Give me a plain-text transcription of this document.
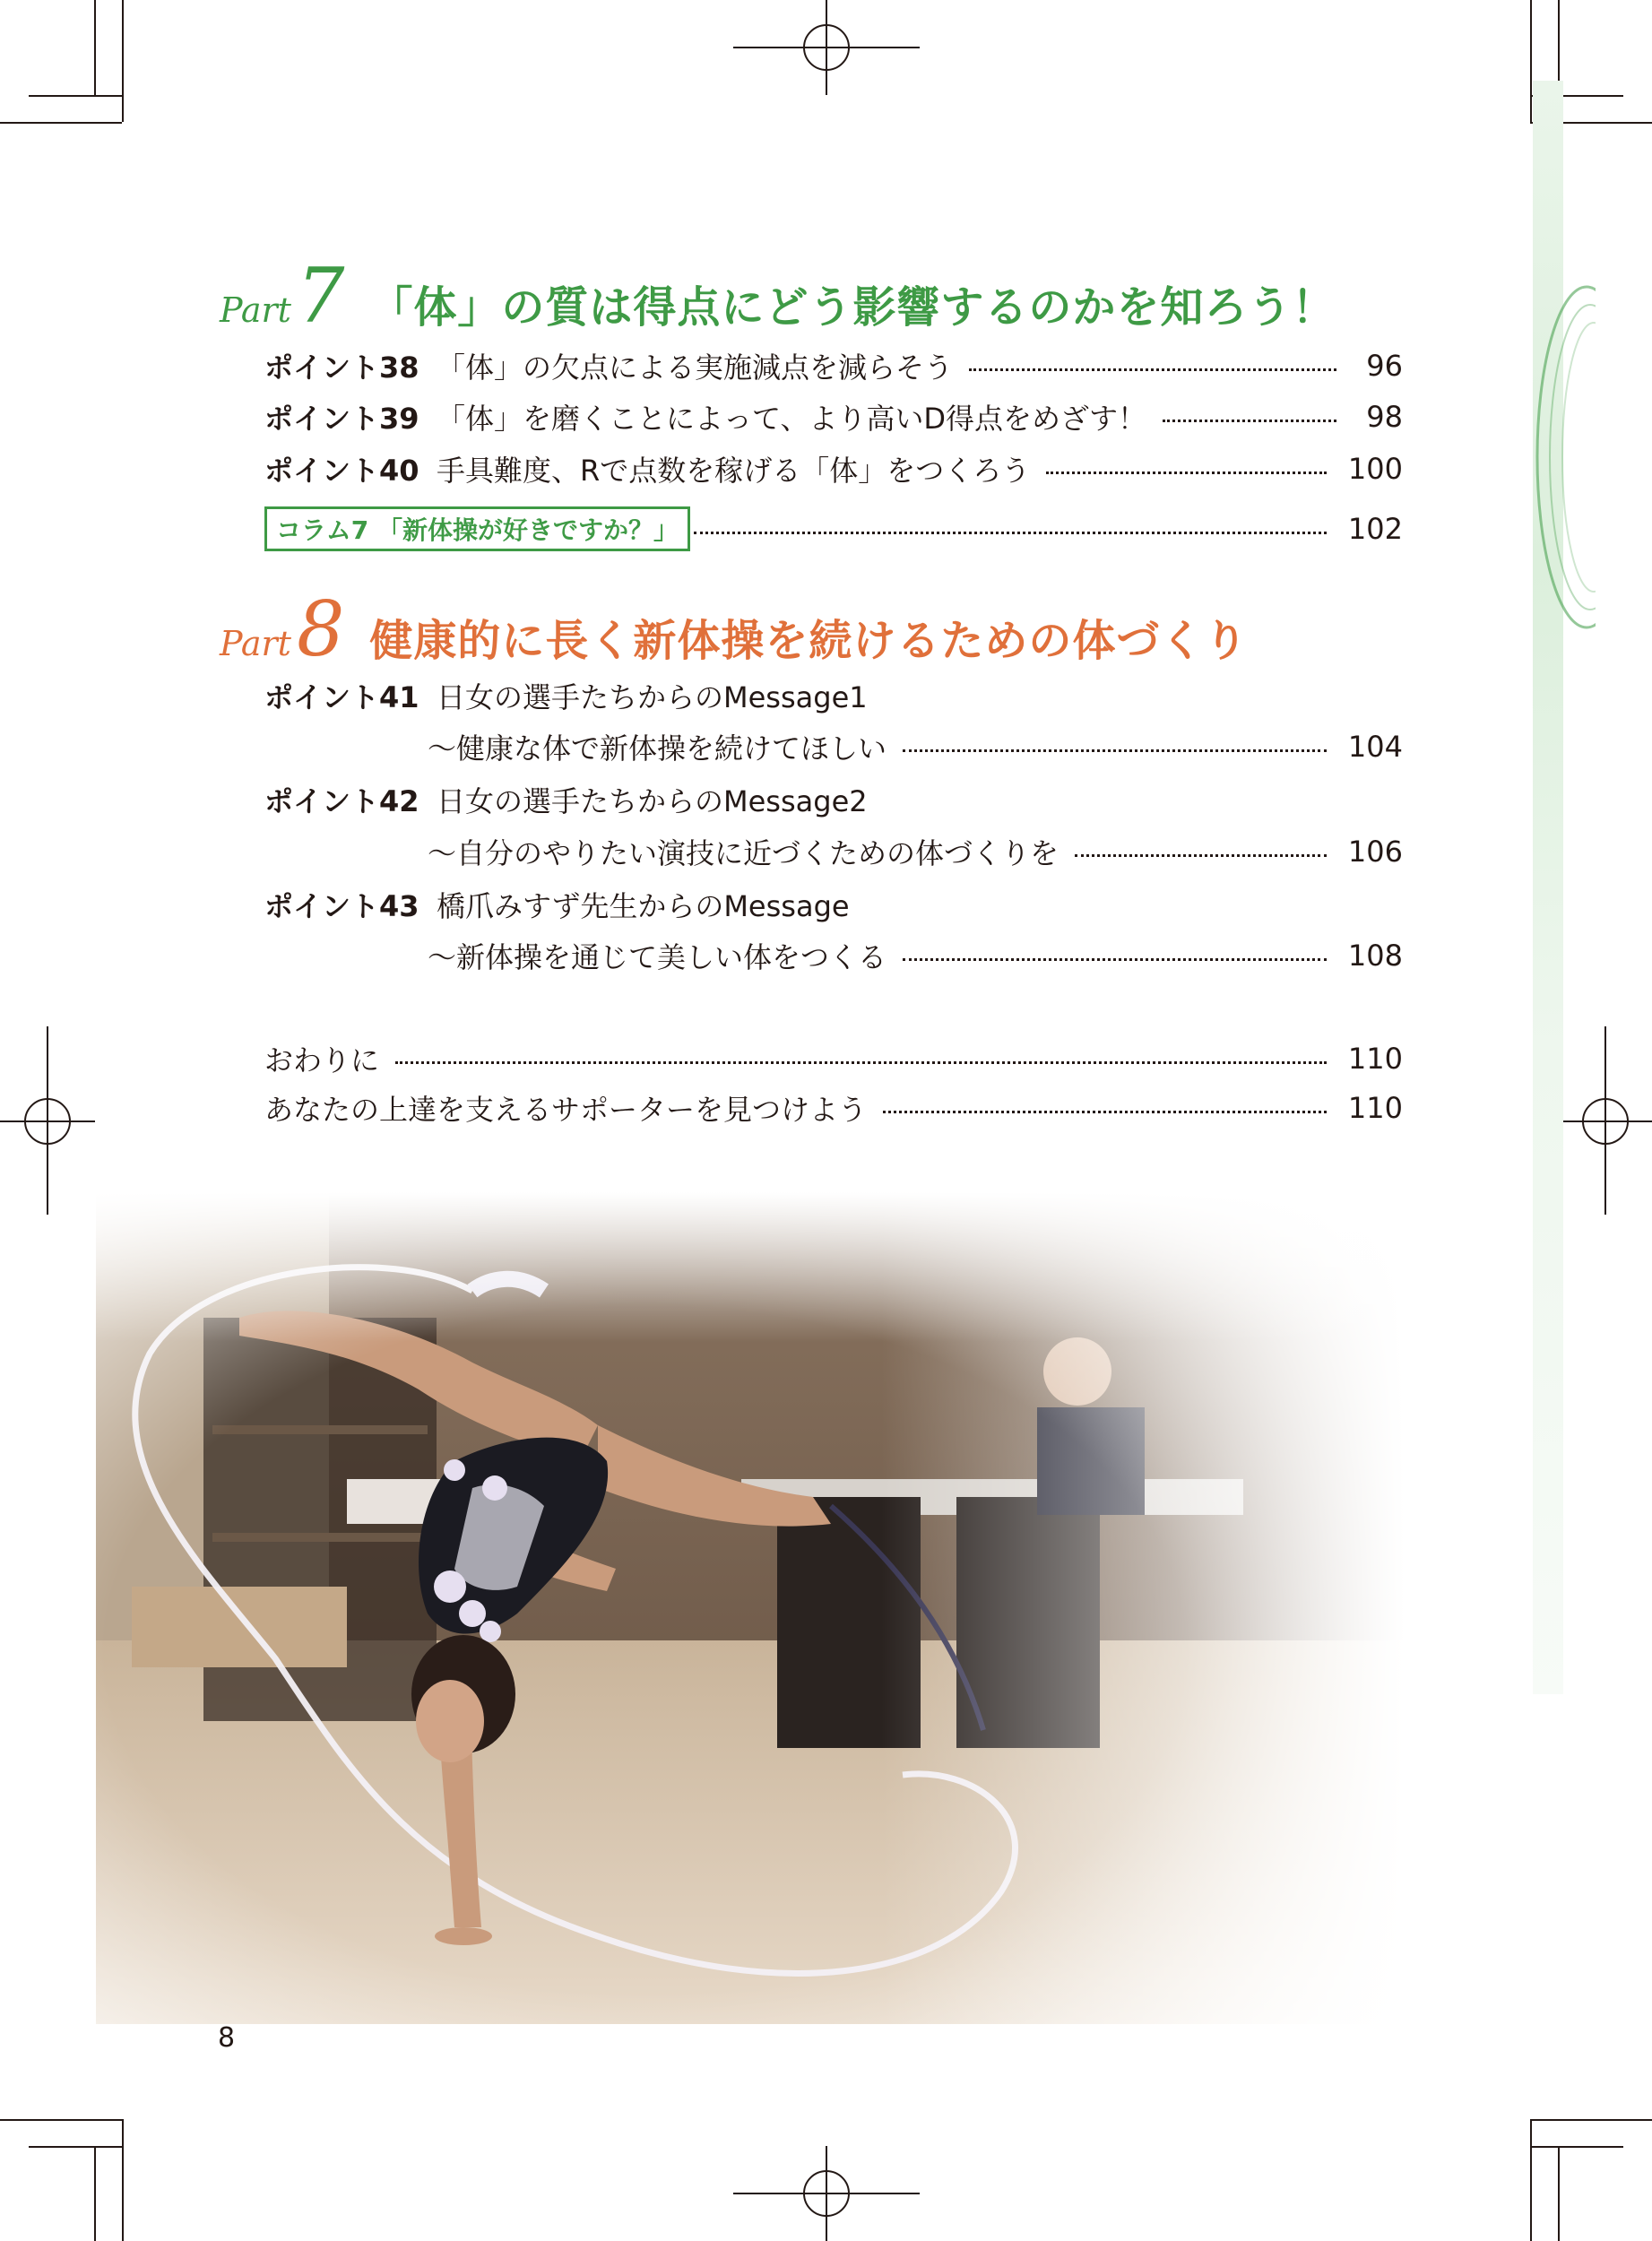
Part 7 「体」の質は得点にどう影響するのかを知ろう！
ポイント38 「体」の欠点による実施減点を減らそう	96
ポイント39 「体」を磨くことによって、より高いD得点をめざす！	98
ポイント40 手具難度、Rで点数を稼げる「体」をつくろう	100
コラム7 「新体操が好きですか？」	102
Part 8 健康的に長く新体操を続けるための体づくり
ポイント41 日女の選手たちからのMessage1
～健康な体で新体操を続けてほしい	104
ポイント42 日女の選手たちからのMessage2
～自分のやりたい演技に近づくための体づくりを	106
ポイント43 橋爪みすず先生からのMessage
～新体操を通じて美しい体をつくる	108
おわりに	110
あなたの上達を支えるサポーターを見つけよう	110
8
